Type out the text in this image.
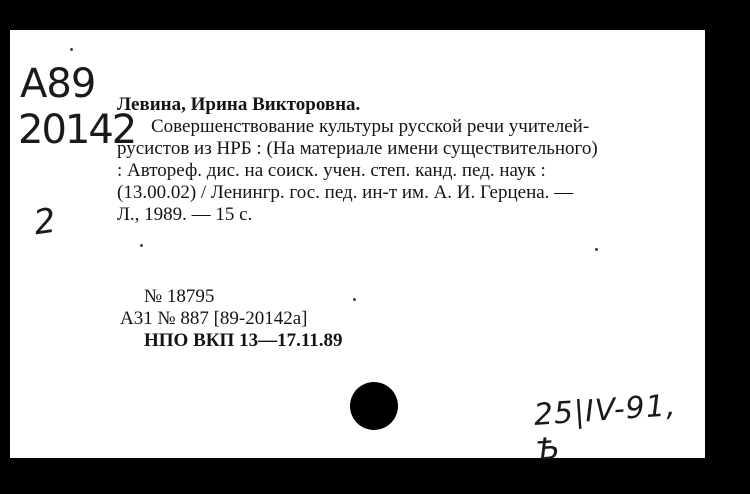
А89
20142
2
Левина, Ирина Викторовна.
Совершенствование культуры русской речи учителей-
русистов из НРБ : (На материале имени существительного)
: Автореф. дис. на соиск. учен. степ. канд. пед. наук :
(13.00.02) / Ленингр. гос. пед. ин-т им. А. И. Герцена. —
Л., 1989. — 15 с.
№ 18795
А31 № 887 [89-20142а]
НПО ВКП 13—17.11.89
25|IV-91, Ѣ
